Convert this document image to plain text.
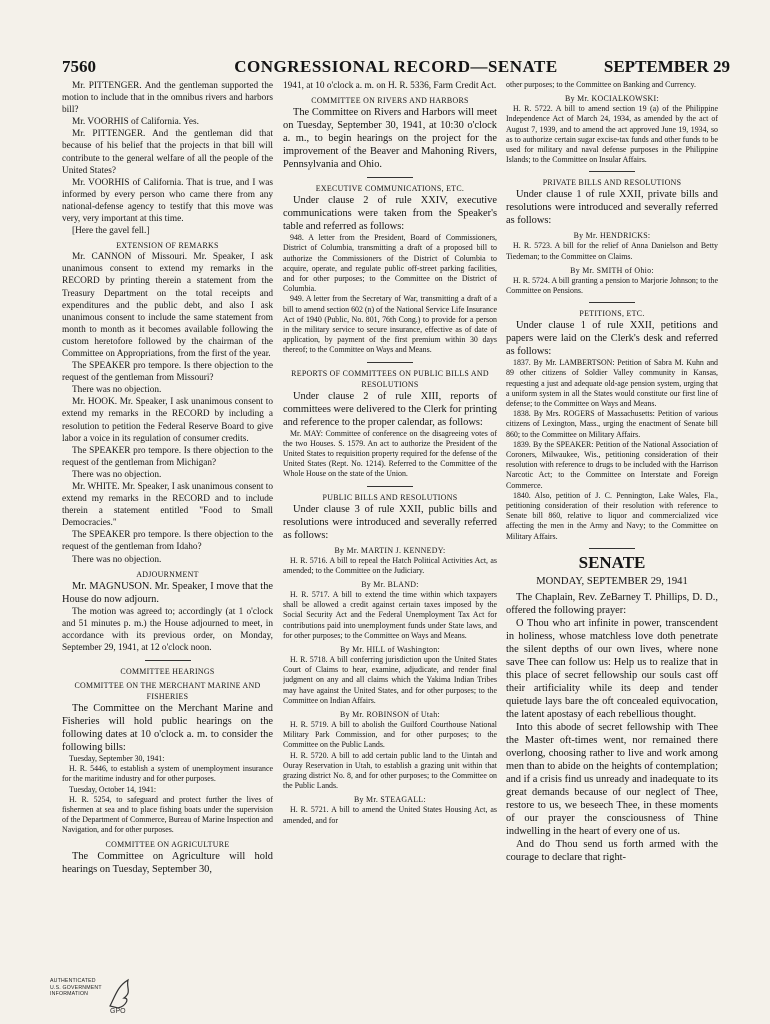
7560	CONGRESSIONAL RECORD—SENATE	SEPTEMBER 29

Mr. PITTENGER. And the gentleman supported the motion to include that in the omnibus rivers and harbors bill?

Mr. VOORHIS of California. Yes.

Mr. PITTENGER. And the gentleman did that because of his belief that the projects in that bill will contribute to the general welfare of all the people of the United States?

Mr. VOORHIS of California. That is true, and I was informed by every person who came there from any national-defense agency to testify that this move was very, very important at this time.

[Here the gavel fell.]

EXTENSION OF REMARKS

Mr. CANNON of Missouri. Mr. Speaker, I ask unanimous consent to extend my remarks in the RECORD by printing therein a statement from the Treasury Department on the total receipts and expenditures and the public debt, and also I ask unanimous consent to include the same statement from month to month as it becomes available following the custom heretofore followed by the chairman of the Committee on Appropriations, from the first of the year.

The SPEAKER pro tempore. Is there objection to the request of the gentleman from Missouri?

There was no objection.

Mr. HOOK. Mr. Speaker, I ask unanimous consent to extend my remarks in the RECORD by including a resolution to petition the Federal Reserve Board to give labor a voice in its regulation of consumer credits.

The SPEAKER pro tempore. Is there objection to the request of the gentleman from Michigan?

There was no objection.

Mr. WHITE. Mr. Speaker, I ask unanimous consent to extend my remarks in the RECORD and to include therein a statement entitled "Food to Small Democracies."

The SPEAKER pro tempore. Is there objection to the request of the gentleman from Idaho?

There was no objection.

ADJOURNMENT

Mr. MAGNUSON. Mr. Speaker, I move that the House do now adjourn.

The motion was agreed to; accordingly (at 1 o'clock and 51 minutes p. m.) the House adjourned to meet, in accordance with its previous order, on Monday, September 29, 1941, at 12 o'clock noon.

COMMITTEE HEARINGS

COMMITTEE ON THE MERCHANT MARINE AND FISHERIES

The Committee on the Merchant Marine and Fisheries will hold public hearings on the following dates at 10 o'clock a. m. to consider the following bills:

Tuesday, September 30, 1941:

H. R. 5446, to establish a system of unemployment insurance for the maritime industry and for other purposes.

Tuesday, October 14, 1941:

H. R. 5254, to safeguard and protect further the lives of fishermen at sea and to place fishing boats under the supervision of the Department of Commerce, Bureau of Marine Inspection and Navigation, and for other purposes.

COMMITTEE ON AGRICULTURE

The Committee on Agriculture will hold hearings on Tuesday, September 30,

1941, at 10 o'clock a. m. on H. R. 5336, Farm Credit Act.

COMMITTEE ON RIVERS AND HARBORS

The Committee on Rivers and Harbors will meet on Tuesday, September 30, 1941, at 10:30 o'clock a. m., to begin hearings on the project for the improvement of the Beaver and Mahoning Rivers, Pennsylvania and Ohio.

EXECUTIVE COMMUNICATIONS, ETC.

Under clause 2 of rule XXIV, executive communications were taken from the Speaker's table and referred as follows:

948. A letter from the President, Board of Commissioners, District of Columbia, transmitting a draft of a proposed bill to authorize the Commissioners of the District of Columbia to acquire, operate, and regulate public off-street parking facilities, and for other purposes; to the Committee on the District of Columbia.

949. A letter from the Secretary of War, transmitting a draft of a bill to amend section 602 (n) of the National Service Life Insurance Act of 1940 (Public, No. 801, 76th Cong.) to provide for a person in the military service to secure insurance, effective as of date of application, by payment of the first premium within 30 days thereof; to the Committee on Ways and Means.

REPORTS OF COMMITTEES ON PUBLIC BILLS AND RESOLUTIONS

Under clause 2 of rule XIII, reports of committees were delivered to the Clerk for printing and reference to the proper calendar, as follows:

Mr. MAY: Committee of conference on the disagreeing votes of the two Houses. S. 1579. An act to authorize the President of the United States to requisition property required for the defense of the United States (Rept. No. 1214). Referred to the Committee of the Whole House on the state of the Union.

PUBLIC BILLS AND RESOLUTIONS

Under clause 3 of rule XXII, public bills and resolutions were introduced and severally referred as follows:

By Mr. MARTIN J. KENNEDY:

H. R. 5716. A bill to repeal the Hatch Political Activities Act, as amended; to the Committee on the Judiciary.

By Mr. BLAND:

H. R. 5717. A bill to extend the time within which taxpayers shall be allowed a credit against certain taxes imposed by the Social Security Act and the Federal Unemployment Tax Act for contributions paid into unemployment funds under State laws, and for other purposes; to the Committee on Ways and Means.

By Mr. HILL of Washington:

H. R. 5718. A bill conferring jurisdiction upon the United States Court of Claims to hear, examine, adjudicate, and render final judgment on any and all claims which the Yakima Indian Tribes may have against the United States, and for other purposes; to the Committee on Indian Affairs.

By Mr. ROBINSON of Utah:

H. R. 5719. A bill to abolish the Guilford Courthouse National Military Park Commission, and for other purposes; to the Committee on the Public Lands.

H. R. 5720. A bill to add certain public land to the Uintah and Ouray Reservation in Utah, to establish a grazing unit within that grazing district No. 8, and for other purposes; to the Committee on the Public Lands.

By Mr. STEAGALL:

H. R. 5721. A bill to amend the United States Housing Act, as amended, and for

other purposes; to the Committee on Banking and Currency.

By Mr. KOCIALKOWSKI:

H. R. 5722. A bill to amend section 19 (a) of the Philippine Independence Act of March 24, 1934, as amended by the act of August 7, 1939, and to amend the act approved June 19, 1934, so as to authorize certain sugar excise-tax funds and other funds to be used for military and naval defense purposes in the Philippine Islands; to the Committee on Insular Affairs.

PRIVATE BILLS AND RESOLUTIONS

Under clause 1 of rule XXII, private bills and resolutions were introduced and severally referred as follows:

By Mr. HENDRICKS:

H. R. 5723. A bill for the relief of Anna Danielson and Betty Tiedeman; to the Committee on Claims.

By Mr. SMITH of Ohio:

H. R. 5724. A bill granting a pension to Marjorie Johnson; to the Committee on Pensions.

PETITIONS, ETC.

Under clause 1 of rule XXII, petitions and papers were laid on the Clerk's desk and referred as follows:

1837. By Mr. LAMBERTSON: Petition of Sabra M. Kuhn and 89 other citizens of Soldier Valley community in Kansas, requesting a just and adequate old-age pension system, urging that a uniform system in all the States would constitute our first line of defense; to the Committee on Ways and Means.

1838. By Mrs. ROGERS of Massachusetts: Petition of various citizens of Lexington, Mass., urging the enactment of Senate bill 860; to the Committee on Military Affairs.

1839. By the SPEAKER: Petition of the National Association of Coroners, Milwaukee, Wis., petitioning consideration of their resolution with reference to drugs to be included with the Harrison Narcotic Act; to the Committee on Interstate and Foreign Commerce.

1840. Also, petition of J. C. Pennington, Lake Wales, Fla., petitioning consideration of their resolution with reference to Senate bill 860, relative to liquor and commercialized vice affecting the men in the Army and Navy; to the Committee on Military Affairs.

SENATE

MONDAY, SEPTEMBER 29, 1941

The Chaplain, Rev. ZeBarney T. Phillips, D. D., offered the following prayer:

O Thou who art infinite in power, transcendent in holiness, whose matchless love doth penetrate the silent depths of our own lives, where none save Thee can follow us: Help us to realize that in this place of secret fellowship our souls cast off their artificiality while its deep and tender quietude lays bare the oft concealed equivocation, the latent apostasy of each rebellious thought.

Into this abode of secret fellowship with Thee the Master oft-times went, nor remained there overlong, choosing rather to live and work among men than to abide on the heights of contemplation; and if a crisis find us unready and inadequate to its great demands because of our neglect of Thee, restore to us, we beseech Thee, in these moments of our prayer the consciousness of Thine indwelling in the heart of every one of us.

And do Thou send us forth armed with the courage to declare that right-

AUTHENTICATED
U.S. GOVERNMENT
INFORMATION
GPO
